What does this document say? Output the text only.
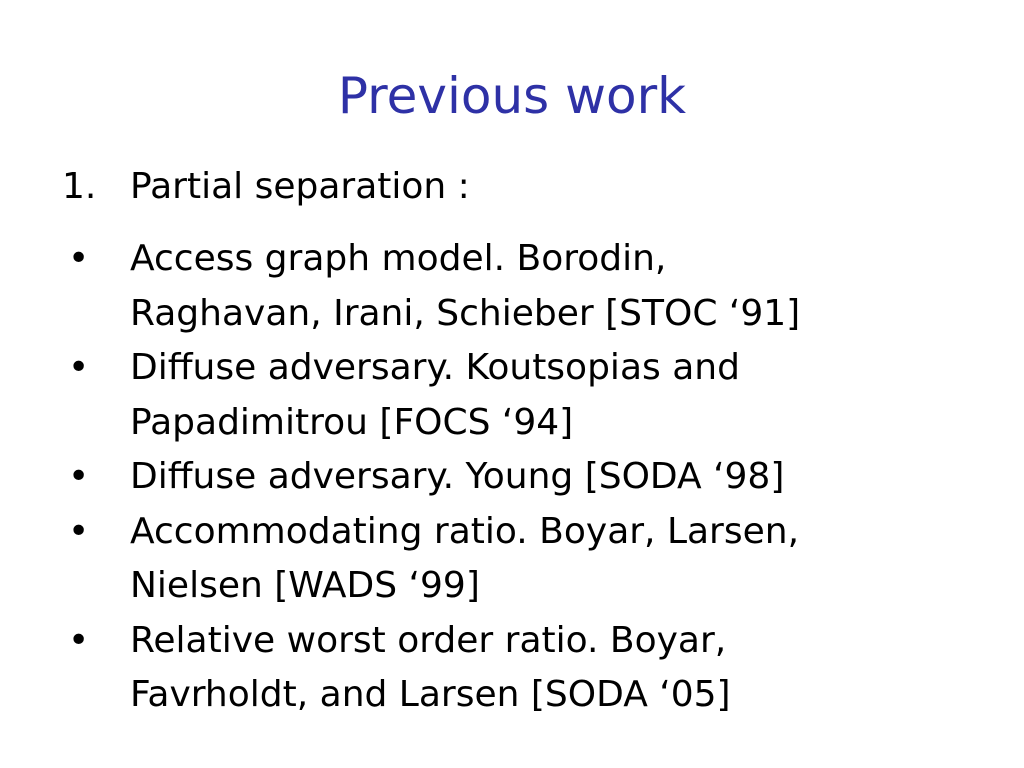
Previous work
1. Partial separation :
• Access graph model. Borodin,
Raghavan, Irani, Schieber [STOC ‘91]
• Diffuse adversary. Koutsopias and
Papadimitrou [FOCS ‘94]
• Diffuse adversary. Young [SODA ‘98]
• Accommodating ratio. Boyar, Larsen,
Nielsen [WADS ‘99]
• Relative worst order ratio. Boyar,
Favrholdt, and Larsen [SODA ‘05]
